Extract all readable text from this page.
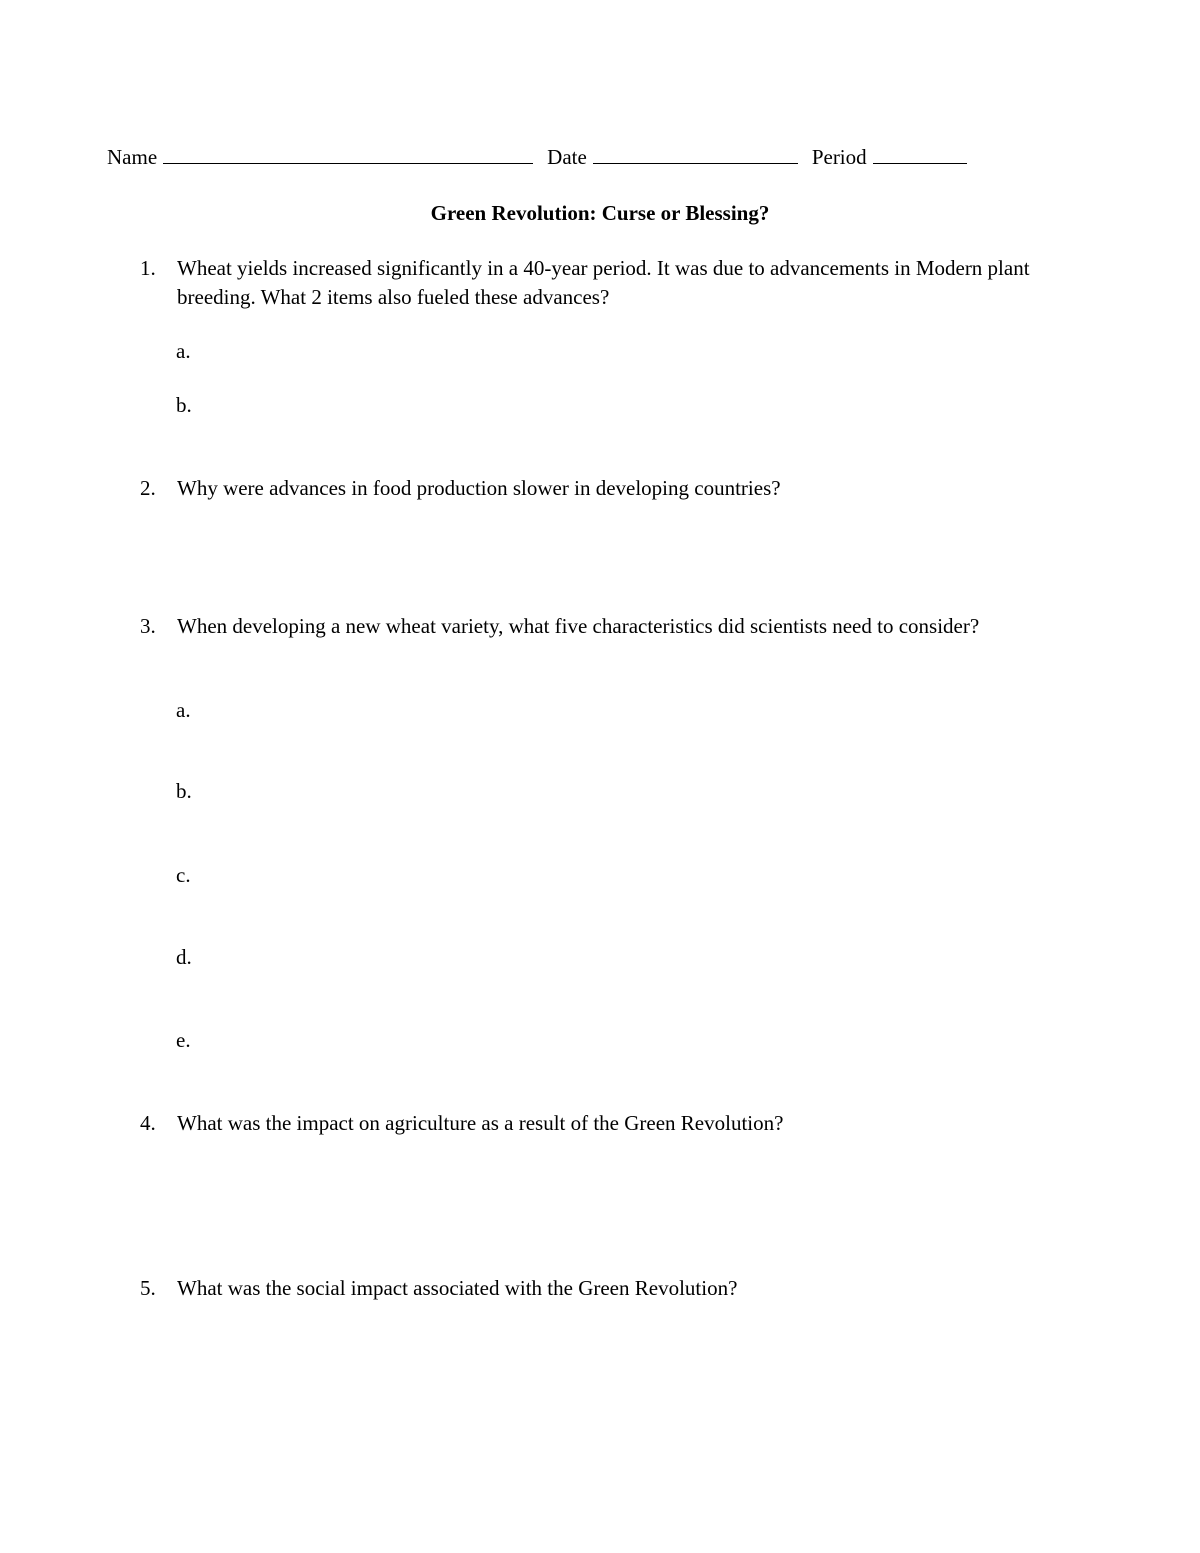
Name	Date	Period
Green Revolution: Curse or Blessing?
1.	Wheat yields increased significantly in a 40-year period. It was due to advancements in Modern plant breeding. What 2 items also fueled these advances?
a.
b.
2.	Why were advances in food production slower in developing countries?
3.	When developing a new wheat variety, what five characteristics did scientists need to consider?
a.
b.
c.
d.
e.
4.	What was the impact on agriculture as a result of the Green Revolution?
5.	What was the social impact associated with the Green Revolution?
